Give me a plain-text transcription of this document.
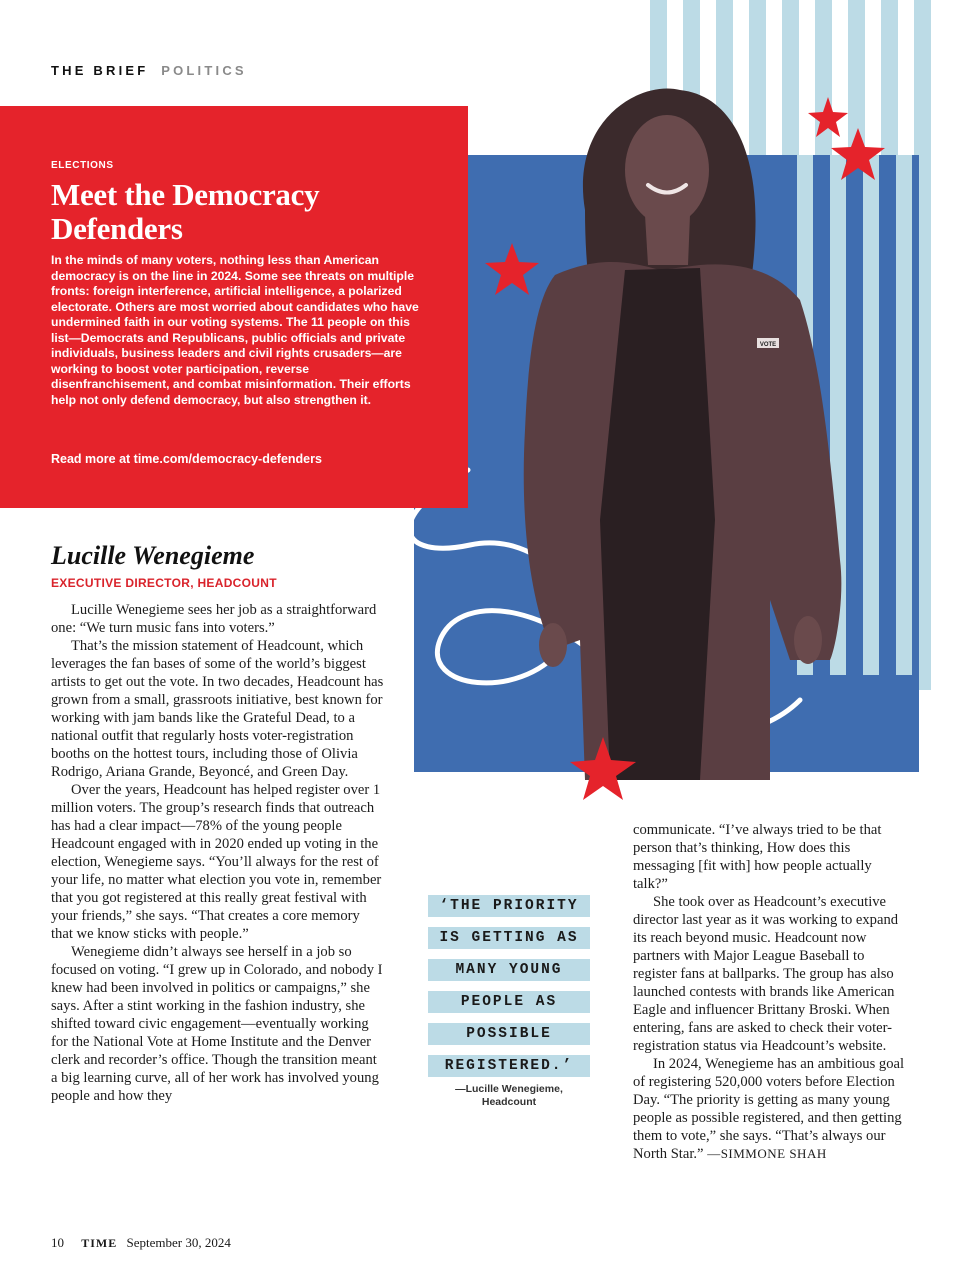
THE BRIEF POLITICS
VOTE
ELECTIONS
Meet the Democracy Defenders

In the minds of many voters, nothing less than American democracy is on the line in 2024. Some see threats on multiple fronts: foreign interference, artificial intelligence, a polarized electorate. Others are most worried about candidates who have undermined faith in our voting systems. The 11 people on this list—Democrats and Republicans, public officials and private individuals, business leaders and civil rights crusaders—are working to boost voter participation, reverse disenfranchisement, and combat misinformation. Their efforts help not only defend democracy, but also strengthen it.

Read more at time.com/democracy-defenders
Lucille Wenegieme
EXECUTIVE DIRECTOR, HEADCOUNT

Lucille Wenegieme sees her job as a straightforward one: “We turn music fans into voters.”

That’s the mission statement of Headcount, which leverages the fan bases of some of the world’s biggest artists to get out the vote. In two decades, Headcount has grown from a small, grassroots initiative, best known for working with jam bands like the Grateful Dead, to a national outfit that regularly hosts voter-registration booths on the hottest tours, including those of Olivia Rodrigo, Ariana Grande, Beyoncé, and Green Day.

Over the years, Headcount has helped register over 1 million voters. The group’s research finds that outreach has had a clear impact—78% of the young people Headcount engaged with in 2020 ended up voting in the election, Wenegieme says. “You’ll always for the rest of your life, no matter what election you vote in, remember that you got registered at this really great festival with your friends,” she says. “That creates a core memory that we know sticks with people.”

Wenegieme didn’t always see herself in a job so focused on voting. “I grew up in Colorado, and nobody I knew had been involved in politics or campaigns,” she says. After a stint working in the fashion industry, she shifted toward civic engagement—eventually working for the National Vote at Home Institute and the Denver clerk and recorder’s office. Though the transition meant a big learning curve, all of her work has involved young people and how they

‘THE PRIORITY
IS GETTING AS
MANY YOUNG
PEOPLE AS
POSSIBLE
REGISTERED.’
—Lucille Wenegieme, Headcount

communicate. “I’ve always tried to be that person that’s thinking, How does this messaging [fit with] how people actually talk?”

She took over as Headcount’s executive director last year as it was working to expand its reach beyond music. Headcount now partners with Major League Baseball to register fans at ballparks. The group has also launched contests with brands like American Eagle and influencer Brittany Broski. When entering, fans are asked to check their voter-registration status via Headcount’s website.

In 2024, Wenegieme has an ambitious goal of registering 520,000 voters before Election Day. “The priority is getting as many young people as possible registered, and then getting them to vote,” she says. “That’s always our North Star.” —SIMMONE SHAH

10 TIME September 30, 2024
